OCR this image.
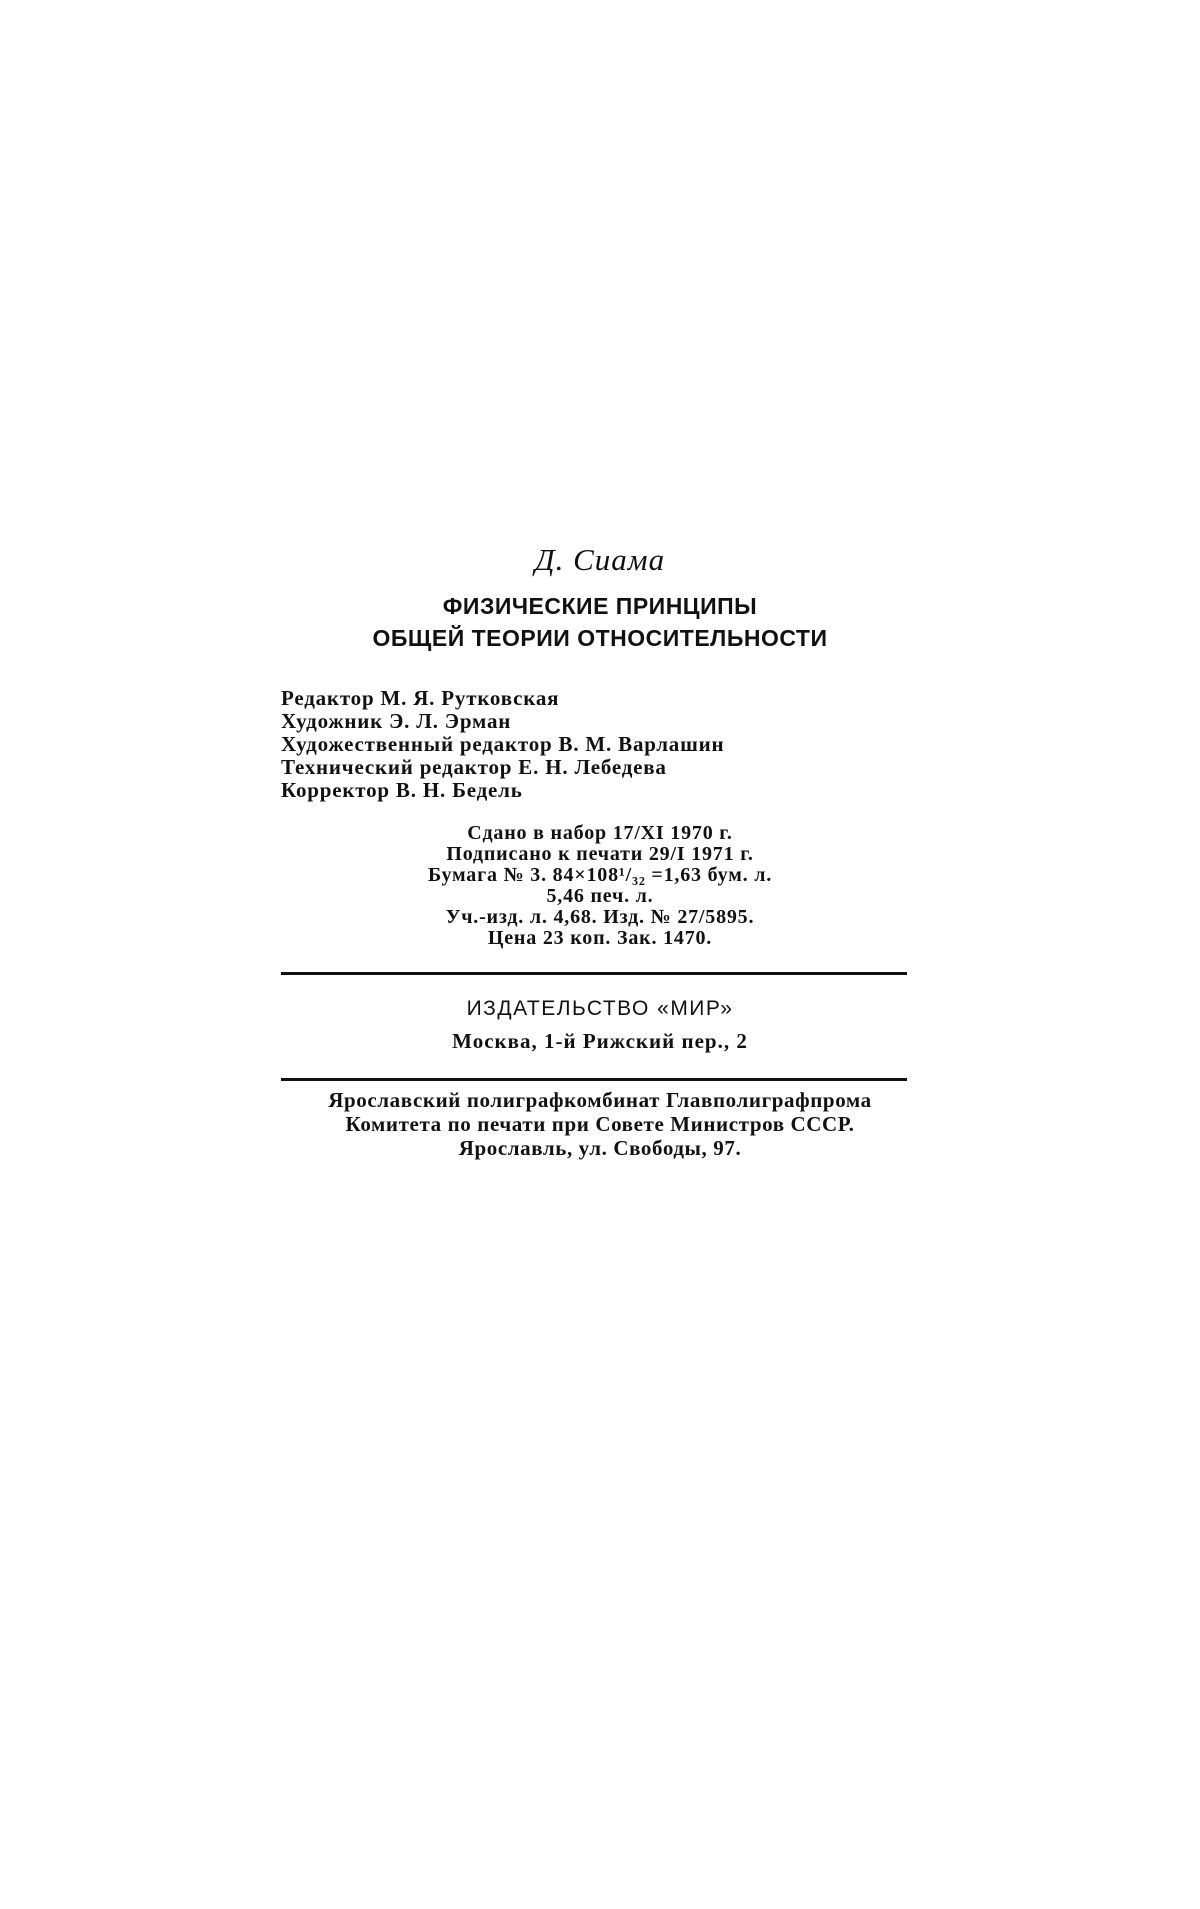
Д. Сиама
ФИЗИЧЕСКИЕ ПРИНЦИПЫ
ОБЩЕЙ ТЕОРИИ ОТНОСИТЕЛЬНОСТИ
Редактор М. Я. Рутковская
Художник Э. Л. Эрман
Художественный редактор В. М. Варлашин
Технический редактор Е. Н. Лебедева
Корректор В. Н. Бедель
Сдано в набор 17/XI 1970 г.
Подписано к печати 29/I 1971 г.
Бумага № 3. 84×108¹/₃₂ =1,63 бум. л.
5,46 печ. л.
Уч.-изд. л. 4,68. Изд. № 27/5895.
Цена 23 коп. Зак. 1470.
ИЗДАТЕЛЬСТВО «МИР»
Москва, 1-й Рижский пер., 2
Ярославский полиграфкомбинат Главполиграфпрома
Комитета по печати при Совете Министров СССР.
Ярославль, ул. Свободы, 97.
